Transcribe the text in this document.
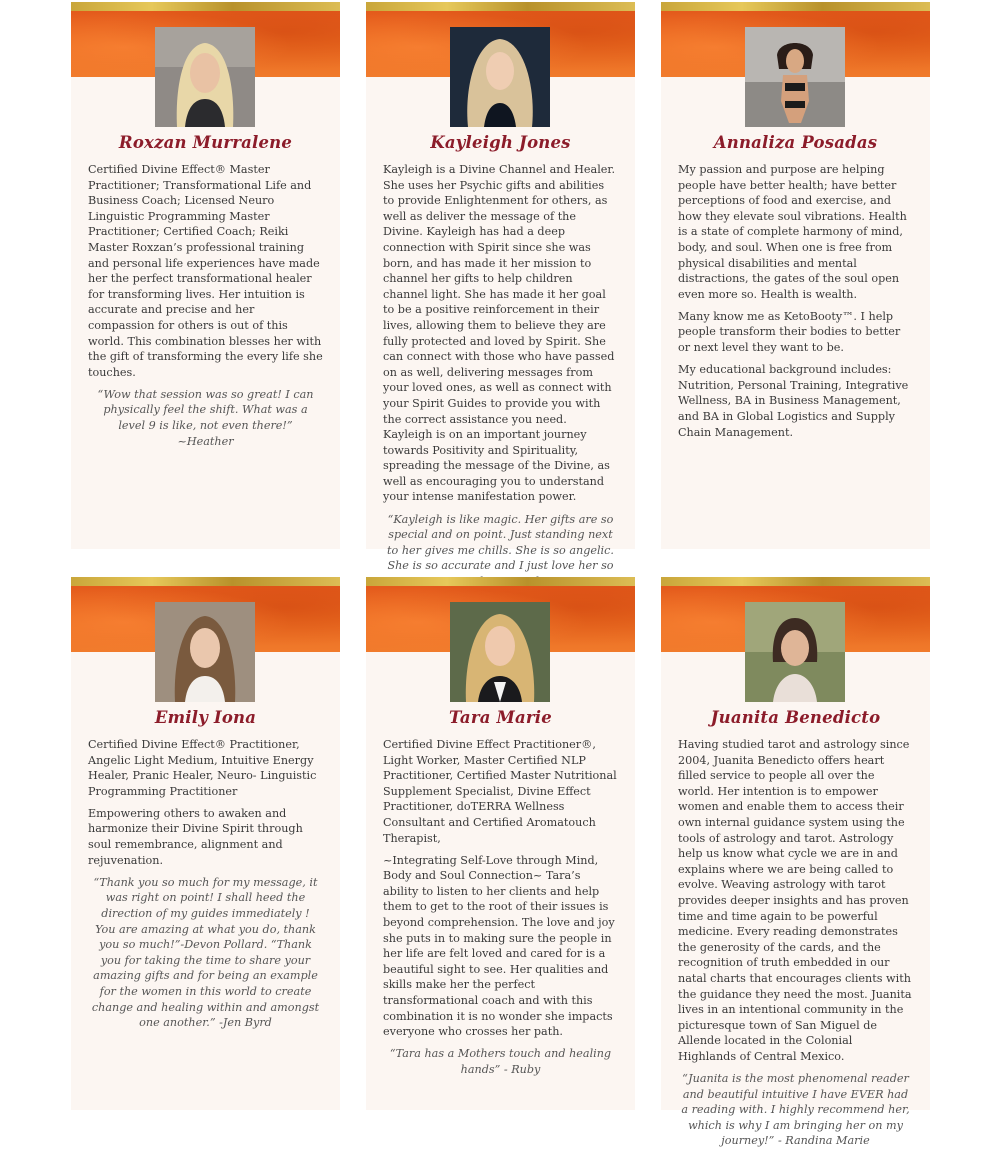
Roxzan Murralene

Certified Divine Effect® Master Practitioner; Transformational Life and Business Coach; Licensed Neuro Linguistic Programming Master Practitioner; Certified Coach; Reiki Master Roxzan’s professional training and personal life experiences have made her the perfect transformational healer for transforming lives. Her intuition is accurate and precise and her compassion for others is out of this world. This combination blesses her with the gift of transforming the every life she touches.

“Wow that session was so great! I can physically feel the shift. What was a level 9 is like, not even there!” ~Heather

Kayleigh Jones

Kayleigh is a Divine Channel and Healer. She uses her Psychic gifts and abilities to provide Enlightenment for others, as well as deliver the message of the Divine. Kayleigh has had a deep connection with Spirit since she was born, and has made it her mission to channel her gifts to help children channel light. She has made it her goal to be a positive reinforcement in their lives, allowing them to believe they are fully protected and loved by Spirit. She can connect with those who have passed on as well, delivering messages from your loved ones, as well as connect with your Spirit Guides to provide you with the correct assistance you need. Kayleigh is on an important journey towards Positivity and Spirituality, spreading the message of the Divine, as well as encouraging you to understand your intense manifestation power.

“Kayleigh is like magic. Her gifts are so special and on point. Just standing next to her gives me chills. She is so angelic. She is so accurate and I just love her so

Annaliza Posadas

My passion and purpose are helping people have better health; have better perceptions of food and exercise, and how they elevate soul vibrations. Health is a state of complete harmony of mind, body, and soul. When one is free from physical disabilities and mental distractions, the gates of the soul open even more so. Health is wealth.

Many know me as KetoBooty™. I help people transform their bodies to better or next level they want to be.

My educational background includes: Nutrition, Personal Training, Integrative Wellness, BA in Business Management, and BA in Global Logistics and Supply Chain Management.

Emily Iona

Certified Divine Effect® Practitioner, Angelic Light Medium, Intuitive Energy Healer, Pranic Healer, Neuro- Linguistic Programming Practitioner

Empowering others to awaken and harmonize their Divine Spirit through soul remembrance, alignment and rejuvenation.

“Thank you so much for my message, it was right on point! I shall heed the direction of my guides immediately ! You are amazing at what you do, thank you so much!”-Devon Pollard. “Thank you for taking the time to share your amazing gifts and for being an example for the women in this world to create change and healing within and amongst one another.” -Jen Byrd

Tara Marie

Certified Divine Effect Practitioner®, Light Worker, Master Certified NLP Practitioner, Certified Master Nutritional Supplement Specialist, Divine Effect Practitioner, doTERRA Wellness Consultant and Certified Aromatouch Therapist,

~Integrating Self-Love through Mind, Body and Soul Connection~ Tara’s ability to listen to her clients and help them to get to the root of their issues is beyond comprehension. The love and joy she puts in to making sure the people in her life are felt loved and cared for is a beautiful sight to see. Her qualities and skills make her the perfect transformational coach and with this combination it is no wonder she impacts everyone who crosses her path.

“Tara has a Mothers touch and healing hands” - Ruby

Juanita Benedicto

Having studied tarot and astrology since 2004, Juanita Benedicto offers heart filled service to people all over the world. Her intention is to empower women and enable them to access their own internal guidance system using the tools of astrology and tarot. Astrology help us know what cycle we are in and explains where we are being called to evolve. Weaving astrology with tarot provides deeper insights and has proven time and time again to be powerful medicine. Every reading demonstrates the generosity of the cards, and the recognition of truth embedded in our natal charts that encourages clients with the guidance they need the most. Juanita lives in an intentional community in the picturesque town of San Miguel de Allende located in the Colonial Highlands of Central Mexico.

“Juanita is the most phenomenal reader and beautiful intuitive I have EVER had a reading with. I highly recommend her, which is why I am bringing her on my journey!” - Randina Marie
